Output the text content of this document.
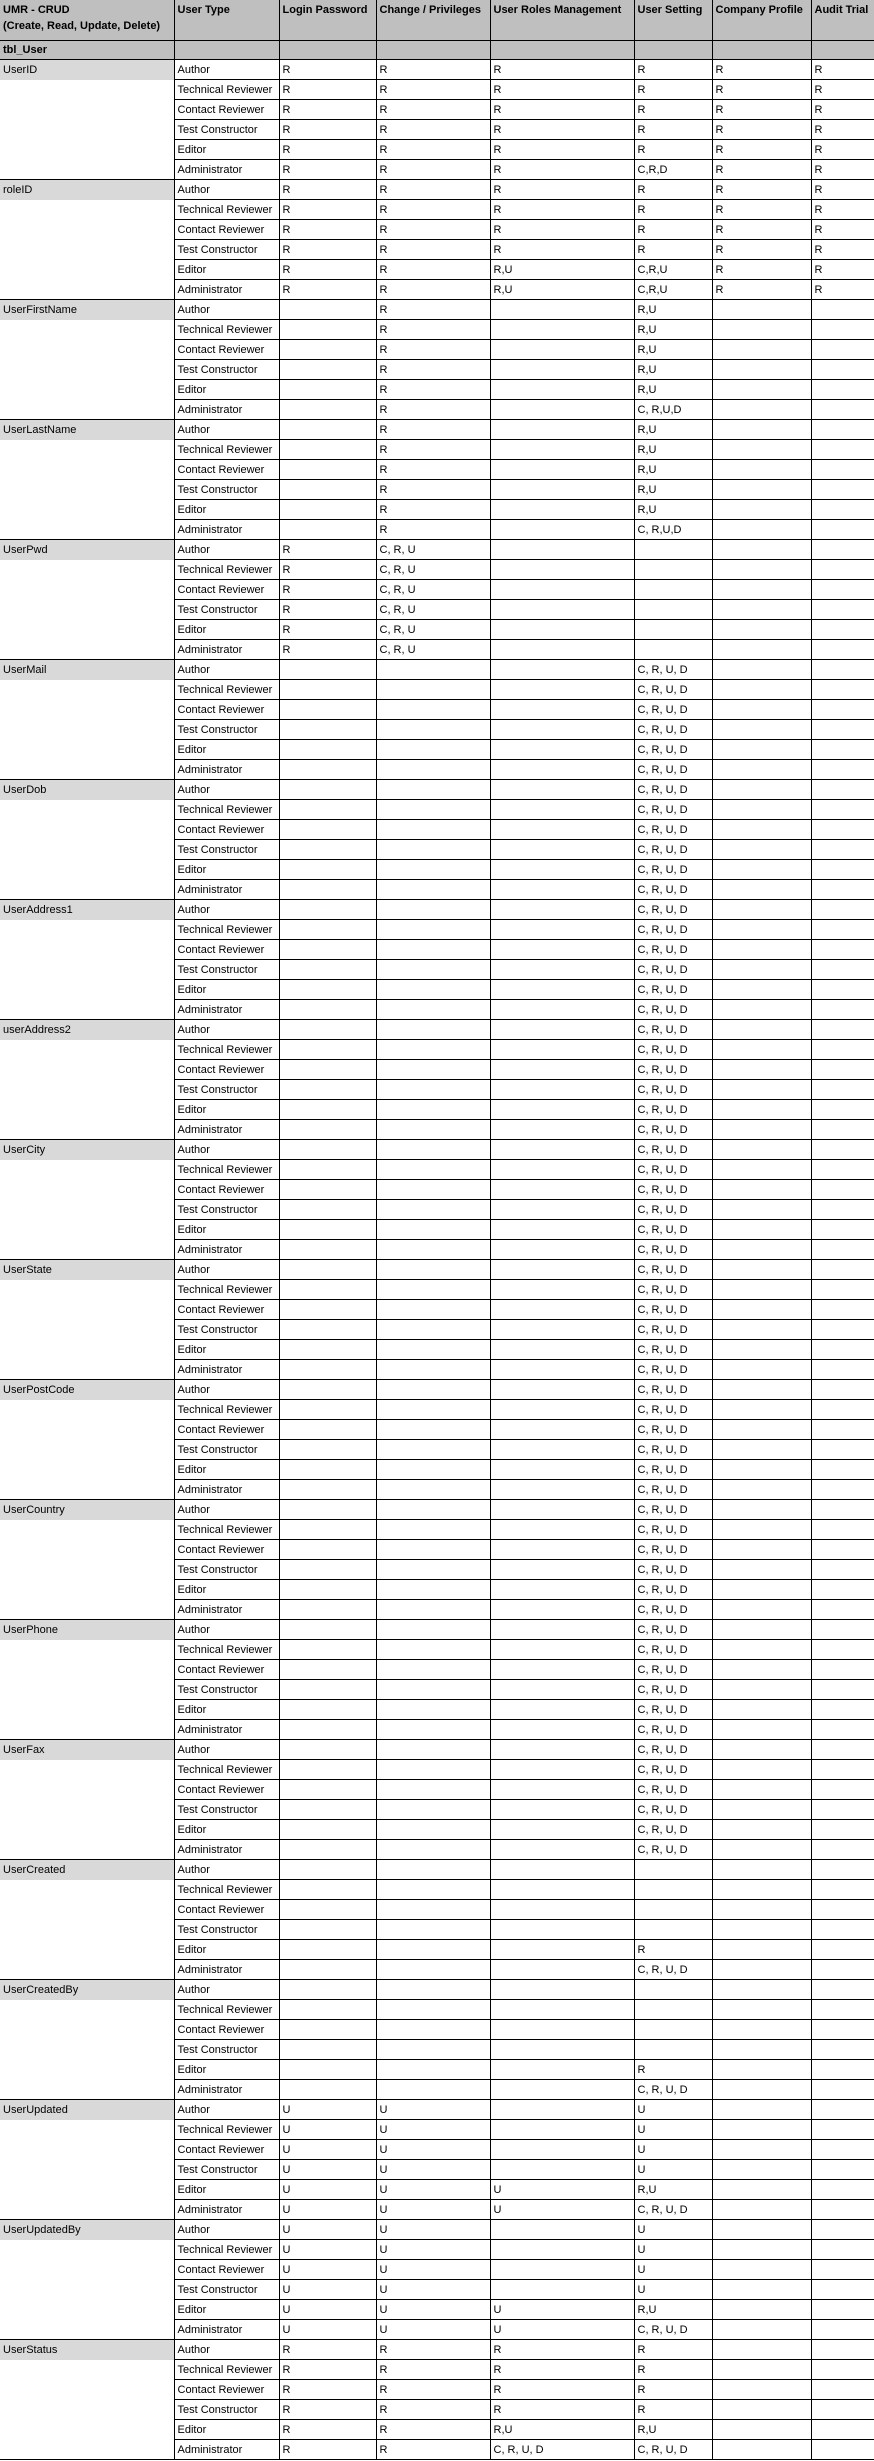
UMR - CRUD
(Create, Read, Update, Delete)	User Type	Login Password	Change / Privileges	User Roles Management	User Setting	Company Profile	Audit Trial
tbl_User							
UserID	Author	R	R	R	R	R	R
	Technical Reviewer	R	R	R	R	R	R
	Contact Reviewer	R	R	R	R	R	R
	Test Constructor	R	R	R	R	R	R
	Editor	R	R	R	R	R	R
	Administrator	R	R	R	C,R,D	R	R
roleID	Author	R	R	R	R	R	R
	Technical Reviewer	R	R	R	R	R	R
	Contact Reviewer	R	R	R	R	R	R
	Test Constructor	R	R	R	R	R	R
	Editor	R	R	R,U	C,R,U	R	R
	Administrator	R	R	R,U	C,R,U	R	R
UserFirstName	Author		R		R,U		
	Technical Reviewer		R		R,U		
	Contact Reviewer		R		R,U		
	Test Constructor		R		R,U		
	Editor		R		R,U		
	Administrator		R		C, R,U,D		
UserLastName	Author		R		R,U		
	Technical Reviewer		R		R,U		
	Contact Reviewer		R		R,U		
	Test Constructor		R		R,U		
	Editor		R		R,U		
	Administrator		R		C, R,U,D		
UserPwd	Author	R	C, R, U				
	Technical Reviewer	R	C, R, U				
	Contact Reviewer	R	C, R, U				
	Test Constructor	R	C, R, U				
	Editor	R	C, R, U				
	Administrator	R	C, R, U				
UserMail	Author				C, R, U, D		
	Technical Reviewer				C, R, U, D		
	Contact Reviewer				C, R, U, D		
	Test Constructor				C, R, U, D		
	Editor				C, R, U, D		
	Administrator				C, R, U, D		
UserDob	Author				C, R, U, D		
	Technical Reviewer				C, R, U, D		
	Contact Reviewer				C, R, U, D		
	Test Constructor				C, R, U, D		
	Editor				C, R, U, D		
	Administrator				C, R, U, D		
UserAddress1	Author				C, R, U, D		
	Technical Reviewer				C, R, U, D		
	Contact Reviewer				C, R, U, D		
	Test Constructor				C, R, U, D		
	Editor				C, R, U, D		
	Administrator				C, R, U, D		
userAddress2	Author				C, R, U, D		
	Technical Reviewer				C, R, U, D		
	Contact Reviewer				C, R, U, D		
	Test Constructor				C, R, U, D		
	Editor				C, R, U, D		
	Administrator				C, R, U, D		
UserCity	Author				C, R, U, D		
	Technical Reviewer				C, R, U, D		
	Contact Reviewer				C, R, U, D		
	Test Constructor				C, R, U, D		
	Editor				C, R, U, D		
	Administrator				C, R, U, D		
UserState	Author				C, R, U, D		
	Technical Reviewer				C, R, U, D		
	Contact Reviewer				C, R, U, D		
	Test Constructor				C, R, U, D		
	Editor				C, R, U, D		
	Administrator				C, R, U, D		
UserPostCode	Author				C, R, U, D		
	Technical Reviewer				C, R, U, D		
	Contact Reviewer				C, R, U, D		
	Test Constructor				C, R, U, D		
	Editor				C, R, U, D		
	Administrator				C, R, U, D		
UserCountry	Author				C, R, U, D		
	Technical Reviewer				C, R, U, D		
	Contact Reviewer				C, R, U, D		
	Test Constructor				C, R, U, D		
	Editor				C, R, U, D		
	Administrator				C, R, U, D		
UserPhone	Author				C, R, U, D		
	Technical Reviewer				C, R, U, D		
	Contact Reviewer				C, R, U, D		
	Test Constructor				C, R, U, D		
	Editor				C, R, U, D		
	Administrator				C, R, U, D		
UserFax	Author				C, R, U, D		
	Technical Reviewer				C, R, U, D		
	Contact Reviewer				C, R, U, D		
	Test Constructor				C, R, U, D		
	Editor				C, R, U, D		
	Administrator				C, R, U, D		
UserCreated	Author						
	Technical Reviewer						
	Contact Reviewer						
	Test Constructor						
	Editor				R		
	Administrator				C, R, U, D		
UserCreatedBy	Author						
	Technical Reviewer						
	Contact Reviewer						
	Test Constructor						
	Editor				R		
	Administrator				C, R, U, D		
UserUpdated	Author	U	U		U		
	Technical Reviewer	U	U		U		
	Contact Reviewer	U	U		U		
	Test Constructor	U	U		U		
	Editor	U	U	U	R,U		
	Administrator	U	U	U	C, R, U, D		
UserUpdatedBy	Author	U	U		U		
	Technical Reviewer	U	U		U		
	Contact Reviewer	U	U		U		
	Test Constructor	U	U		U		
	Editor	U	U	U	R,U		
	Administrator	U	U	U	C, R, U, D		
UserStatus	Author	R	R	R	R		
	Technical Reviewer	R	R	R	R		
	Contact Reviewer	R	R	R	R		
	Test Constructor	R	R	R	R		
	Editor	R	R	R,U	R,U		
	Administrator	R	R	C, R, U, D	C, R, U, D		
